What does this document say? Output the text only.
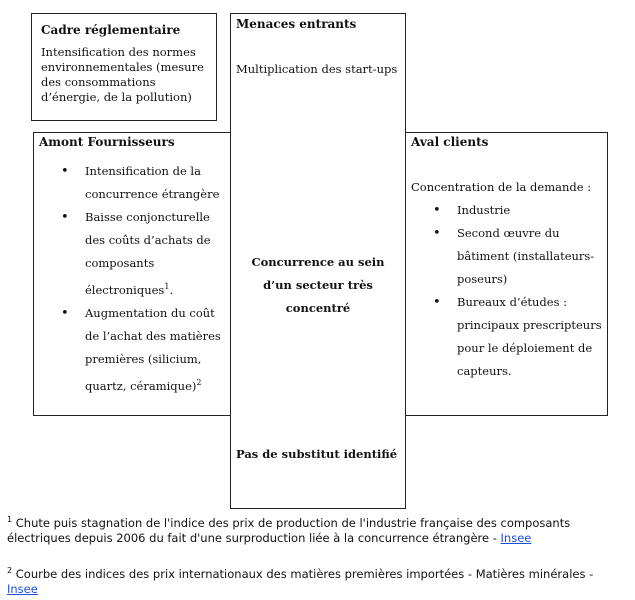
Menaces entrants
Multiplication des start-ups
Cadre réglementaire
Intensification des normes environnementales (mesure des consommations d’énergie, de la pollution)
Amont Fournisseurs
• Intensification de la concurrence étrangère
• Baisse conjoncturelle des coûts d’achats de composants électroniques$^1$.
• Augmentation du coût de l’achat des matières premières (silicium, quartz, céramique)$^2$
Aval clients
Concentration de la demande :
• Industrie
• Second œuvre du bâtiment (installateurs-poseurs)
• Bureaux d’études : principaux prescripteurs pour le déploiement de capteurs.
Concurrence au sein d’un secteur très concentré
Pas de substitut identifié
$^1$ Chute puis stagnation de l'indice des prix de production de l'industrie française des composants électriques depuis 2006 du fait d'une surproduction liée à la concurrence étrangère - Insee
$^2$ Courbe des indices des prix internationaux des matières premières importées - Matières minérales - Insee
